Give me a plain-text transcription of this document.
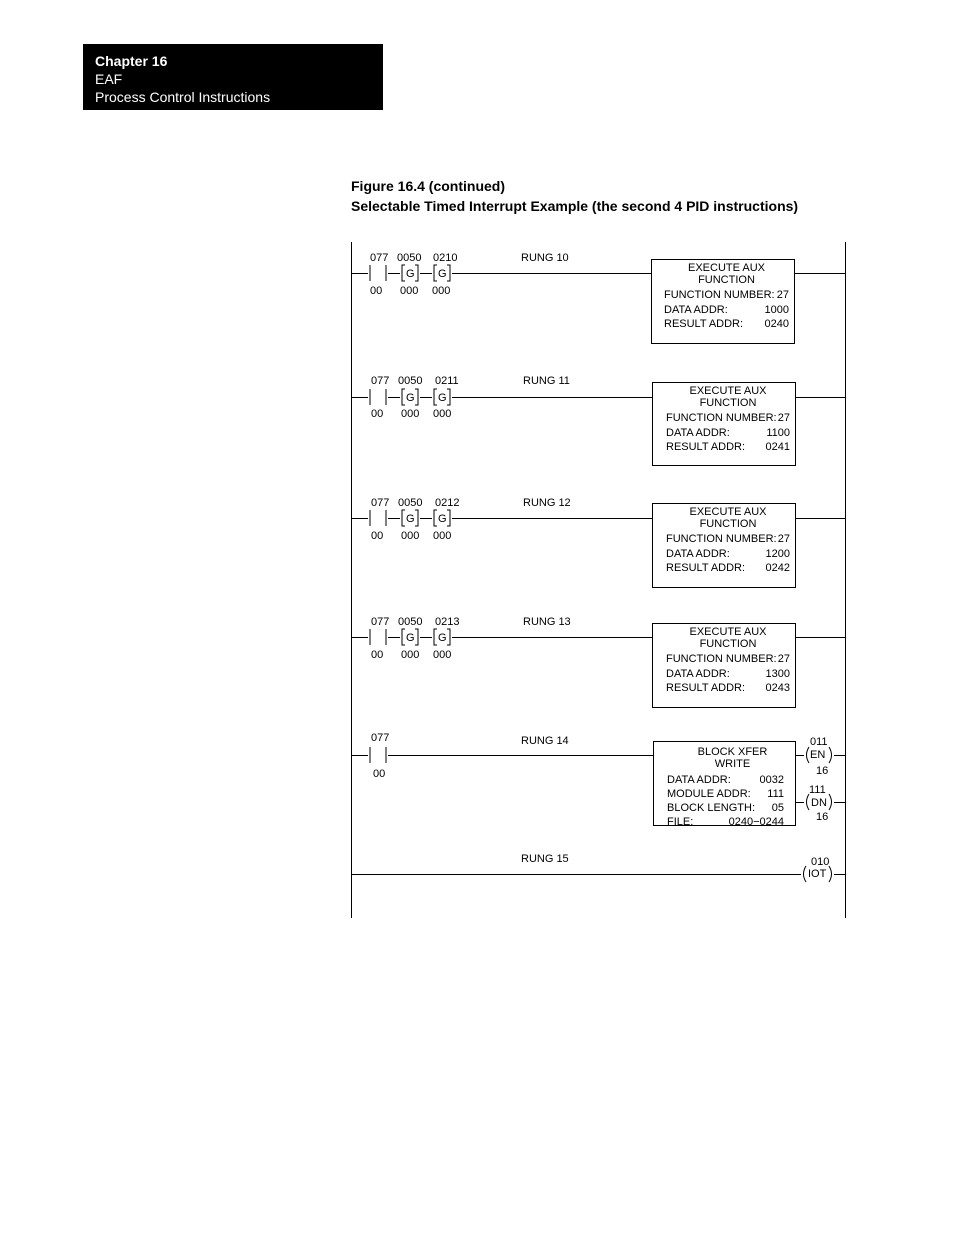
Chapter 16
EAF
Process Control Instructions
Figure 16.4 (continued)
Selectable Timed Interrupt Example (the second 4 PID instructions)
077
00
0050
G
000
0210
G
000
RUNG 10
EXECUTE AUX
FUNCTION
FUNCTION NUMBER: 27
DATA ADDR:	1000
RESULT ADDR: 0240
077
00
0050
G
000
0211
G
000
RUNG 11
EXECUTE AUX
FUNCTION
FUNCTION NUMBER: 27
DATA ADDR:	1100
RESULT ADDR: 0241
077
00
0050
G
000
0212
G
000
RUNG 12
EXECUTE AUX
FUNCTION
FUNCTION NUMBER: 27
DATA ADDR:	1200
RESULT ADDR: 0242
077
00
0050
G
000
0213
G
000
RUNG 13
EXECUTE AUX
FUNCTION
FUNCTION NUMBER: 27
DATA ADDR:	1300
RESULT ADDR: 0243
077
00
RUNG 14
BLOCK XFER WRITE
DATA ADDR:	0032
MODULE ADDR: 111
BLOCK LENGTH: 05
FILE:	0240−0244
011
EN
16
111
DN
16
RUNG 15	010
IOT
